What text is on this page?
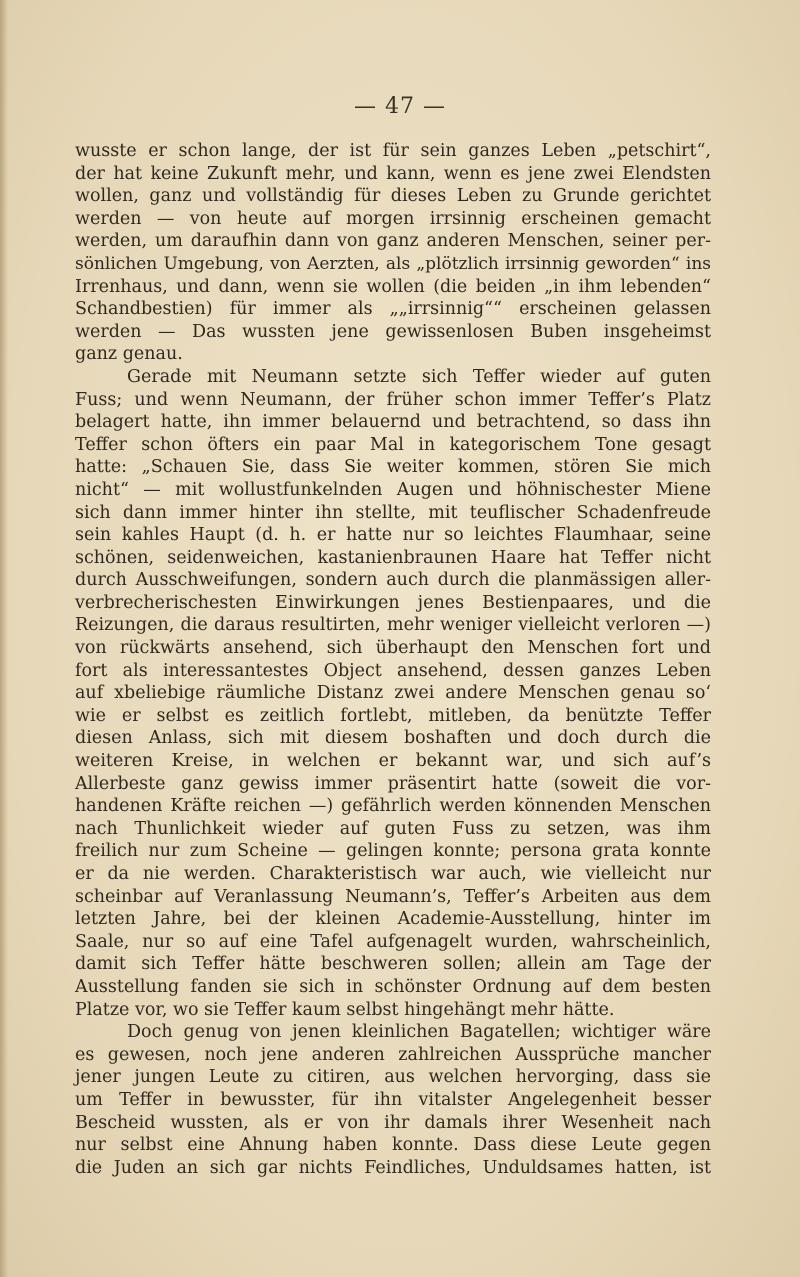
— 47 —
wusste er schon lange, der ist für sein ganzes Leben „petschirt“,
der hat keine Zukunft mehr, und kann, wenn es jene zwei Elendsten
wollen, ganz und vollständig für dieses Leben zu Grunde gerichtet
werden — von heute auf morgen irrsinnig erscheinen gemacht
werden, um daraufhin dann von ganz anderen Menschen, seiner per-
sönlichen Umgebung, von Aerzten, als „plötzlich irrsinnig geworden“ ins
Irrenhaus, und dann, wenn sie wollen (die beiden „in ihm lebenden“
Schandbestien) für immer als „„irrsinnig““ erscheinen gelassen
werden — Das wussten jene gewissenlosen Buben insgeheimst
ganz genau.
Gerade mit Neumann setzte sich Teffer wieder auf guten
Fuss; und wenn Neumann, der früher schon immer Teffer’s Platz
belagert hatte, ihn immer belauernd und betrachtend, so dass ihn
Teffer schon öfters ein paar Mal in kategorischem Tone gesagt
hatte: „Schauen Sie, dass Sie weiter kommen, stören Sie mich
nicht“ — mit wollustfunkelnden Augen und höhnischester Miene
sich dann immer hinter ihn stellte, mit teuflischer Schadenfreude
sein kahles Haupt (d. h. er hatte nur so leichtes Flaumhaar, seine
schönen, seidenweichen, kastanienbraunen Haare hat Teffer nicht
durch Ausschweifungen, sondern auch durch die planmässigen aller-
verbrecherischesten Einwirkungen jenes Bestienpaares, und die
Reizungen, die daraus resultirten, mehr weniger vielleicht verloren —)
von rückwärts ansehend, sich überhaupt den Menschen fort und
fort als interessantestes Object ansehend, dessen ganzes Leben
auf xbeliebige räumliche Distanz zwei andere Menschen genau so‘
wie er selbst es zeitlich fortlebt, mitleben, da benützte Teffer
diesen Anlass, sich mit diesem boshaften und doch durch die
weiteren Kreise, in welchen er bekannt war, und sich auf’s
Allerbeste ganz gewiss immer präsentirt hatte (soweit die vor-
handenen Kräfte reichen —) gefährlich werden könnenden Menschen
nach Thunlichkeit wieder auf guten Fuss zu setzen, was ihm
freilich nur zum Scheine — gelingen konnte; persona grata konnte
er da nie werden. Charakteristisch war auch, wie vielleicht nur
scheinbar auf Veranlassung Neumann’s, Teffer’s Arbeiten aus dem
letzten Jahre, bei der kleinen Academie-Ausstellung, hinter im
Saale, nur so auf eine Tafel aufgenagelt wurden, wahrscheinlich,
damit sich Teffer hätte beschweren sollen; allein am Tage der
Ausstellung fanden sie sich in schönster Ordnung auf dem besten
Platze vor, wo sie Teffer kaum selbst hingehängt mehr hätte.
Doch genug von jenen kleinlichen Bagatellen; wichtiger wäre
es gewesen, noch jene anderen zahlreichen Aussprüche mancher
jener jungen Leute zu citiren, aus welchen hervorging, dass sie
um Teffer in bewusster, für ihn vitalster Angelegenheit besser
Bescheid wussten, als er von ihr damals ihrer Wesenheit nach
nur selbst eine Ahnung haben konnte. Dass diese Leute gegen
die Juden an sich gar nichts Feindliches, Unduldsames hatten, ist
